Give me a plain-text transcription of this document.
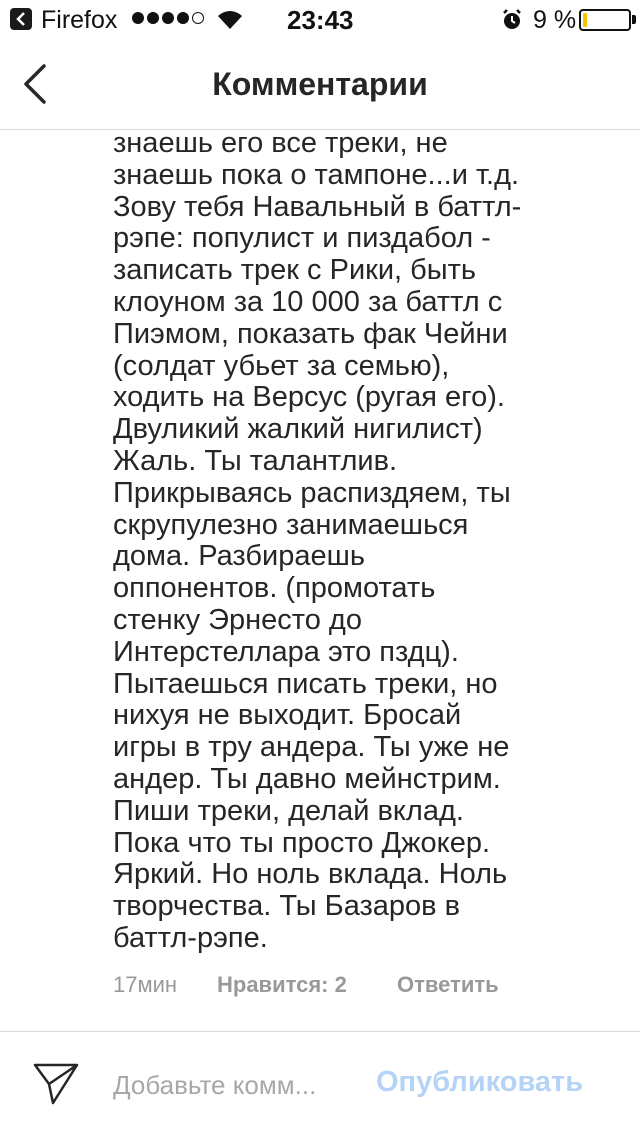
Firefox	23:43	9 %
Комментарии
знаешь его все треки, не
знаешь пока о тампоне...и т.д.
Зову тебя Навальный в баттл-
рэпе: популист и пиздабол -
записать трек с Рики, быть
клоуном за 10 000 за баттл с
Пиэмом, показать фак Чейни
(солдат убьет за семью),
ходить на Версус (ругая его).
Двуликий жалкий нигилист)
Жаль. Ты талантлив.
Прикрываясь распиздяем, ты
скрупулезно занимаешься
дома. Разбираешь
оппонентов. (промотать
стенку Эрнесто до
Интерстеллара это пздц).
Пытаешься писать треки, но
нихуя не выходит. Бросай
игры в тру андера. Ты уже не
андер. Ты давно мейнстрим.
Пиши треки, делай вклад.
Пока что ты просто Джокер.
Яркий. Но ноль вклада. Ноль
творчества. Ты Базаров в
баттл-рэпе.
17мин Нравится: 2 Ответить
Добавьте комм...
Опубликовать
